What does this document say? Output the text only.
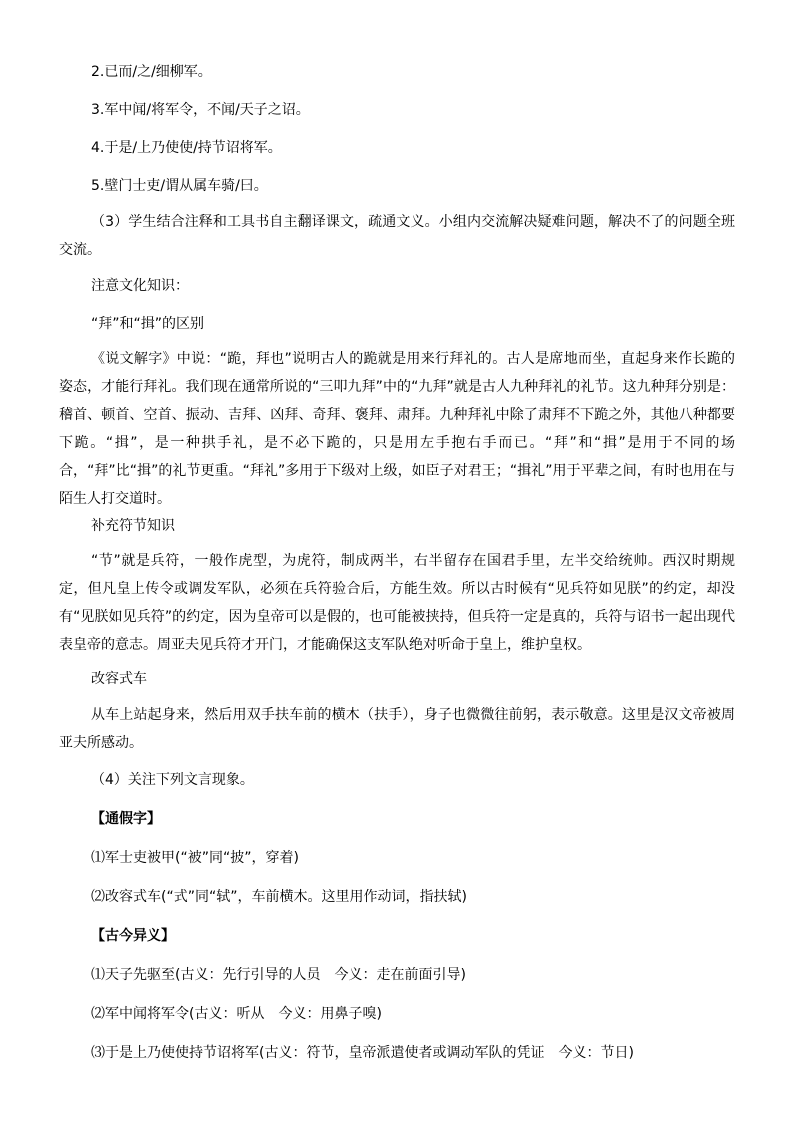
2.已而/之/细柳军。
3.军中闻/将军令，不闻/天子之诏。
4.于是/上乃使使/持节诏将军。
5.壁门士吏/谓从属车骑/曰。
（3）学生结合注释和工具书自主翻译课文，疏通文义。小组内交流解决疑难问题，解决不了的问题全班交流。
注意文化知识：
“拜”和“揖”的区别
《说文解字》中说：“跪，拜也”说明古人的跪就是用来行拜礼的。古人是席地而坐，直起身来作长跪的姿态，才能行拜礼。我们现在通常所说的“三叩九拜”中的“九拜”就是古人九种拜礼的礼节。这九种拜分别是：稽首、顿首、空首、振动、吉拜、凶拜、奇拜、褒拜、肃拜。九种拜礼中除了肃拜不下跪之外，其他八种都要下跪。“揖”，是一种拱手礼，是不必下跪的，只是用左手抱右手而已。“拜”和“揖”是用于不同的场合，“拜”比“揖”的礼节更重。“拜礼”多用于下级对上级，如臣子对君王；“揖礼”用于平辈之间，有时也用在与陌生人打交道时。
补充符节知识
“节”就是兵符，一般作虎型，为虎符，制成两半，右半留存在国君手里，左半交给统帅。西汉时期规定，但凡皇上传令或调发军队，必须在兵符验合后，方能生效。所以古时候有“见兵符如见朕”的约定，却没有“见朕如见兵符”的约定，因为皇帝可以是假的，也可能被挟持，但兵符一定是真的，兵符与诏书一起出现代表皇帝的意志。周亚夫见兵符才开门，才能确保这支军队绝对听命于皇上，维护皇权。
改容式车
从车上站起身来，然后用双手扶车前的横木（扶手），身子也微微往前躬，表示敬意。这里是汉文帝被周亚夫所感动。
（4）关注下列文言现象。
【通假字】
⑴军士吏被甲(“被”同“披”，穿着)
⑵改容式车(“式”同“轼”，车前横木。这里用作动词，指扶轼)
【古今异义】
⑴天子先驱至(古义：先行引导的人员　今义：走在前面引导)
⑵军中闻将军令(古义：听从　今义：用鼻子嗅)
⑶于是上乃使使持节诏将军(古义：符节，皇帝派遣使者或调动军队的凭证　今义：节日)
